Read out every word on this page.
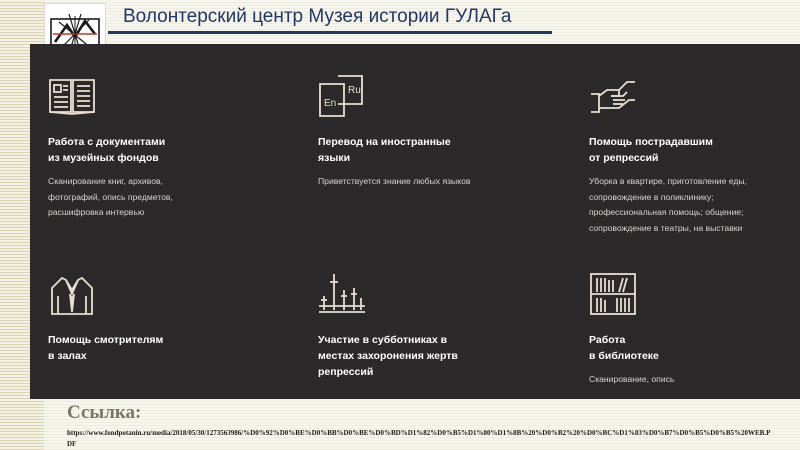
Волонтерский центр Музея истории ГУЛАГа
Работа с документами
из музейных фондов
Сканирование книг, архивов,
фотографий, опись предметов,
расшифровка интервью
En
Ru
Перевод на иностранные
языки
Приветствуется знание любых языков
Помощь пострадавшим
от репрессий
Уборка в квартире, приготовление еды,
сопровождение в поликлинику;
профессиональная помощь; общение;
сопровождение в театры, на выставки
Помощь смотрителям
в залах
Участие в субботниках в
местах захоронения жертв
репрессий
Работа
в библиотеке
Сканирование, опись
Ссылка:
https://www.fondpotanin.ru/media/2018/05/30/1273563986/%D0%92%D0%BE%D0%BB%D0%BE%D0%BD%D1%82%D0%B5%D1%80%D1%8B%20%D0%B2%20%D0%BC%D1%83%D0%B7%D0%B5%D0%B5%20WEB.PDF
